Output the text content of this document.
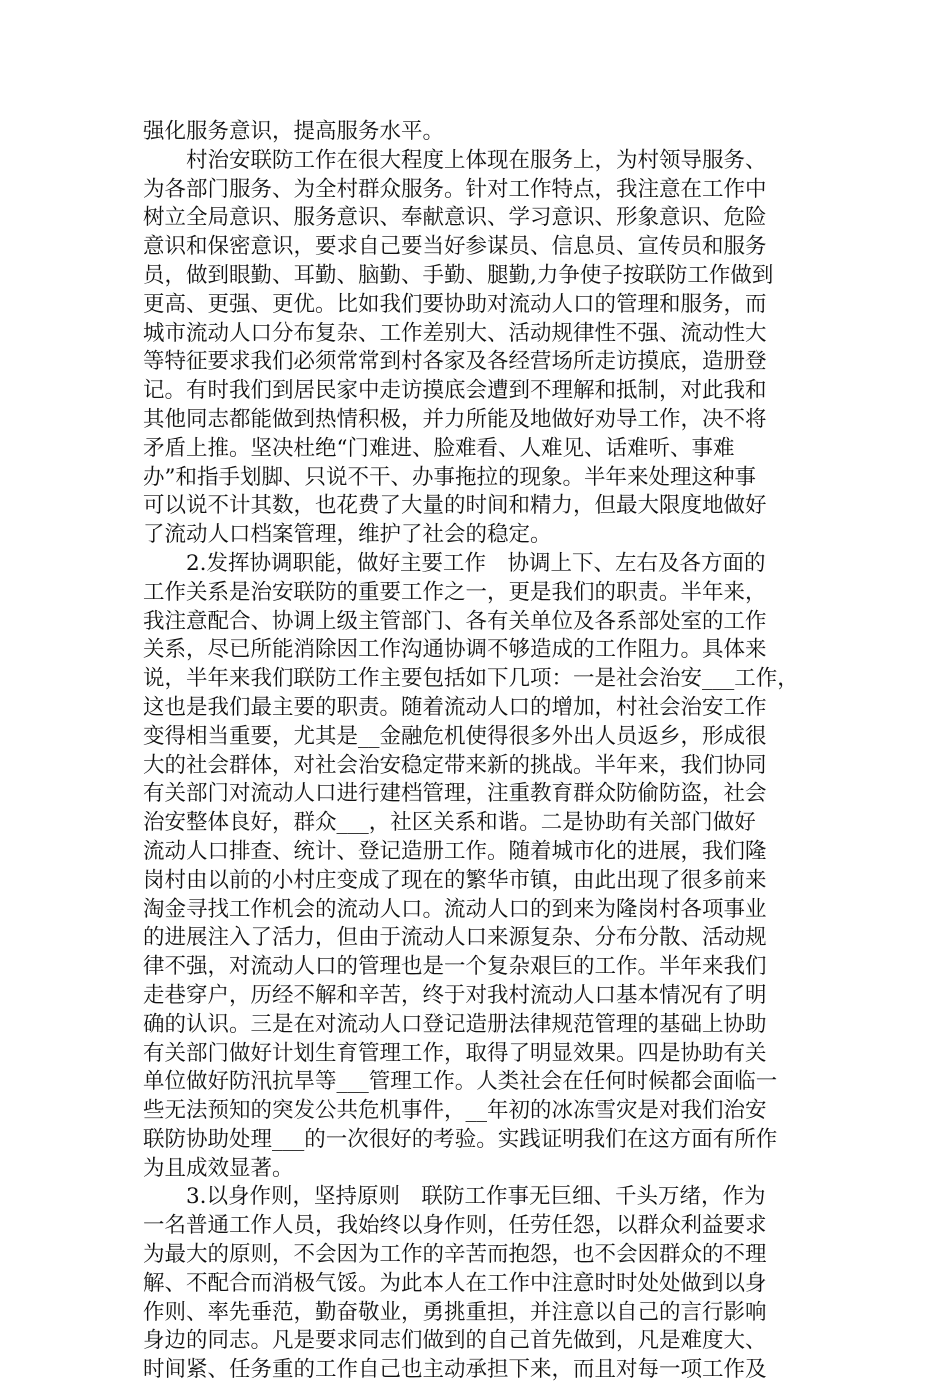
强化服务意识，提高服务水平。
村治安联防工作在很大程度上体现在服务上，为村领导服务、
为各部门服务、为全村群众服务。针对工作特点，我注意在工作中
树立全局意识、服务意识、奉献意识、学习意识、形象意识、危险
意识和保密意识，要求自己要当好参谋员、信息员、宣传员和服务
员，做到眼勤、耳勤、脑勤、手勤、腿勤,力争使子按联防工作做到
更高、更强、更优。比如我们要协助对流动人口的管理和服务，而
城市流动人口分布复杂、工作差别大、活动规律性不强、流动性大
等特征要求我们必须常常到村各家及各经营场所走访摸底，造册登
记。有时我们到居民家中走访摸底会遭到不理解和抵制，对此我和
其他同志都能做到热情积极，并力所能及地做好劝导工作，决不将
矛盾上推。坚决杜绝“门难进、脸难看、人难见、话难听、事难
办”和指手划脚、只说不干、办事拖拉的现象。半年来处理这种事
可以说不计其数，也花费了大量的时间和精力，但最大限度地做好
了流动人口档案管理，维护了社会的稳定。
2.发挥协调职能，做好主要工作　协调上下、左右及各方面的
工作关系是治安联防的重要工作之一，更是我们的职责。半年来，
我注意配合、协调上级主管部门、各有关单位及各系部处室的工作
关系，尽已所能消除因工作沟通协调不够造成的工作阻力。具体来
说，半年来我们联防工作主要包括如下几项：一是社会治安___工作，
这也是我们最主要的职责。随着流动人口的增加，村社会治安工作
变得相当重要，尤其是__金融危机使得很多外出人员返乡，形成很
大的社会群体，对社会治安稳定带来新的挑战。半年来，我们协同
有关部门对流动人口进行建档管理，注重教育群众防偷防盗，社会
治安整体良好，群众___，社区关系和谐。二是协助有关部门做好
流动人口排查、统计、登记造册工作。随着城市化的进展，我们隆
岗村由以前的小村庄变成了现在的繁华市镇，由此出现了很多前来
淘金寻找工作机会的流动人口。流动人口的到来为隆岗村各项事业
的进展注入了活力，但由于流动人口来源复杂、分布分散、活动规
律不强，对流动人口的管理也是一个复杂艰巨的工作。半年来我们
走巷穿户，历经不解和辛苦，终于对我村流动人口基本情况有了明
确的认识。三是在对流动人口登记造册法律规范管理的基础上协助
有关部门做好计划生育管理工作，取得了明显效果。四是协助有关
单位做好防汛抗旱等___管理工作。人类社会在任何时候都会面临一
些无法预知的突发公共危机事件，__年初的冰冻雪灾是对我们治安
联防协助处理___的一次很好的考验。实践证明我们在这方面有所作
为且成效显著。
3.以身作则，坚持原则　联防工作事无巨细、千头万绪，作为
一名普通工作人员，我始终以身作则，任劳任怨，以群众利益要求
为最大的原则，不会因为工作的辛苦而抱怨，也不会因群众的不理
解、不配合而消极气馁。为此本人在工作中注意时时处处做到以身
作则、率先垂范，勤奋敬业，勇挑重担，并注意以自己的言行影响
身边的同志。凡是要求同志们做到的自己首先做到，凡是难度大、
时间紧、任务重的工作自己也主动承担下来，而且对每一项工作及
